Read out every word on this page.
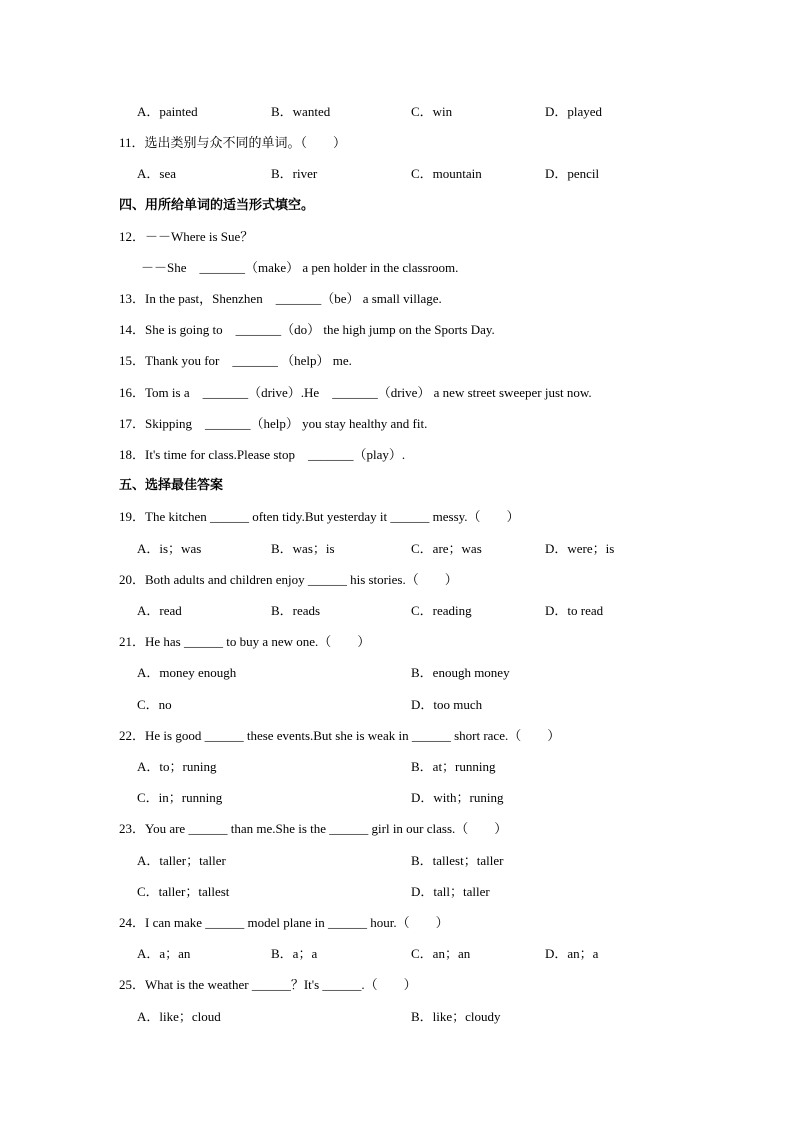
A．painted	B．wanted	C．win	D．played
11．选出类别与众不同的单词。（　　）
A．sea	B．river	C．mountain	D．pencil
四、用所给单词的适当形式填空。
12．－－Where is Sue？
－－She　_______（make） a pen holder in the classroom.
13．In the past，Shenzhen　_______（be） a small village.
14．She is going to　_______（do） the high jump on the Sports Day.
15．Thank you for　_______ （help） me.
16．Tom is a　_______（drive）.He　_______（drive） a new street sweeper just now.
17．Skipping　_______（help） you stay healthy and fit.
18．It's time for class.Please stop　_______（play）.
五、选择最佳答案
19．The kitchen ______ often tidy.But yesterday it ______ messy.（　　）
A．is；was	B．was；is	C．are；was	D．were；is
20．Both adults and children enjoy ______ his stories.（　　）
A．read	B．reads	C．reading	D．to read
21．He has ______ to buy a new one.（　　）
A．money enough	B．enough money
C．no	D．too much
22．He is good ______ these events.But she is weak in ______ short race.（　　）
A．to；runing	B．at；running
C．in；running	D．with；runing
23．You are ______ than me.She is the ______ girl in our class.（　　）
A．taller；taller	B．tallest；taller
C．taller；tallest	D．tall；taller
24．I can make ______ model plane in ______ hour.（　　）
A．a；an	B．a；a	C．an；an	D．an；a
25．What is the weather ______？It's ______.（　　）
A．like；cloud	B．like；cloudy
